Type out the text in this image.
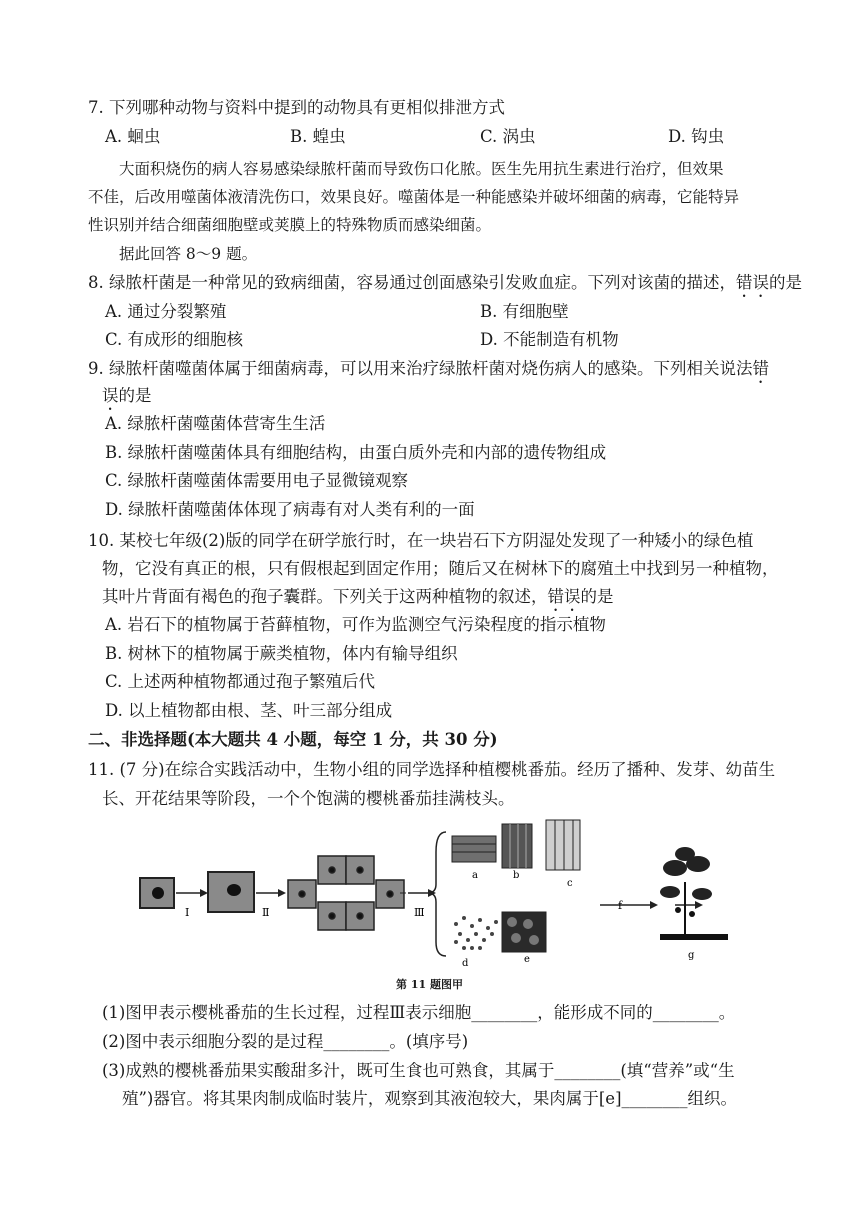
7. 下列哪种动物与资料中提到的动物具有更相似排泄方式
A. 蛔虫	B. 蝗虫	C. 涡虫	D. 钩虫
大面积烧伤的病人容易感染绿脓杆菌而导致伤口化脓。医生先用抗生素进行治疗，但效果
不佳，后改用噬菌体液清洗伤口，效果良好。噬菌体是一种能感染并破坏细菌的病毒，它能特异
性识别并结合细菌细胞壁或荚膜上的特殊物质而感染细菌。
据此回答 8～9 题。
8. 绿脓杆菌是一种常见的致病细菌，容易通过创面感染引发败血症。下列对该菌的描述，错误的是
A. 通过分裂繁殖	B. 有细胞壁
C. 有成形的细胞核	D. 不能制造有机物
9. 绿脓杆菌噬菌体属于细菌病毒，可以用来治疗绿脓杆菌对烧伤病人的感染。下列相关说法错
误的是
A. 绿脓杆菌噬菌体营寄生生活
B. 绿脓杆菌噬菌体具有细胞结构，由蛋白质外壳和内部的遗传物组成
C. 绿脓杆菌噬菌体需要用电子显微镜观察
D. 绿脓杆菌噬菌体体现了病毒有对人类有利的一面
10. 某校七年级(2)版的同学在研学旅行时，在一块岩石下方阴湿处发现了一种矮小的绿色植
物，它没有真正的根，只有假根起到固定作用；随后又在树林下的腐殖土中找到另一种植物，
其叶片背面有褐色的孢子囊群。下列关于这两种植物的叙述，错误的是
A. 岩石下的植物属于苔藓植物，可作为监测空气污染程度的指示植物
B. 树林下的植物属于蕨类植物，体内有输导组织
C. 上述两种植物都通过孢子繁殖后代
D. 以上植物都由根、茎、叶三部分组成
二、非选择题(本大题共 4 小题，每空 1 分，共 30 分)
11. (7 分)在综合实践活动中，生物小组的同学选择种植樱桃番茄。经历了播种、发芽、幼苗生
长、开花结果等阶段，一个个饱满的樱桃番茄挂满枝头。
Ⅰ	Ⅱ	Ⅲ
a	b
c
d	e
f
g
第 11 题图甲
(1)图甲表示樱桃番茄的生长过程，过程Ⅲ表示细胞________，能形成不同的________。
(2)图中表示细胞分裂的是过程________。(填序号)
(3)成熟的樱桃番茄果实酸甜多汁，既可生食也可熟食，其属于________(填“营养”或“生
殖”)器官。将其果肉制成临时装片，观察到其液泡较大，果肉属于[e]________组织。
